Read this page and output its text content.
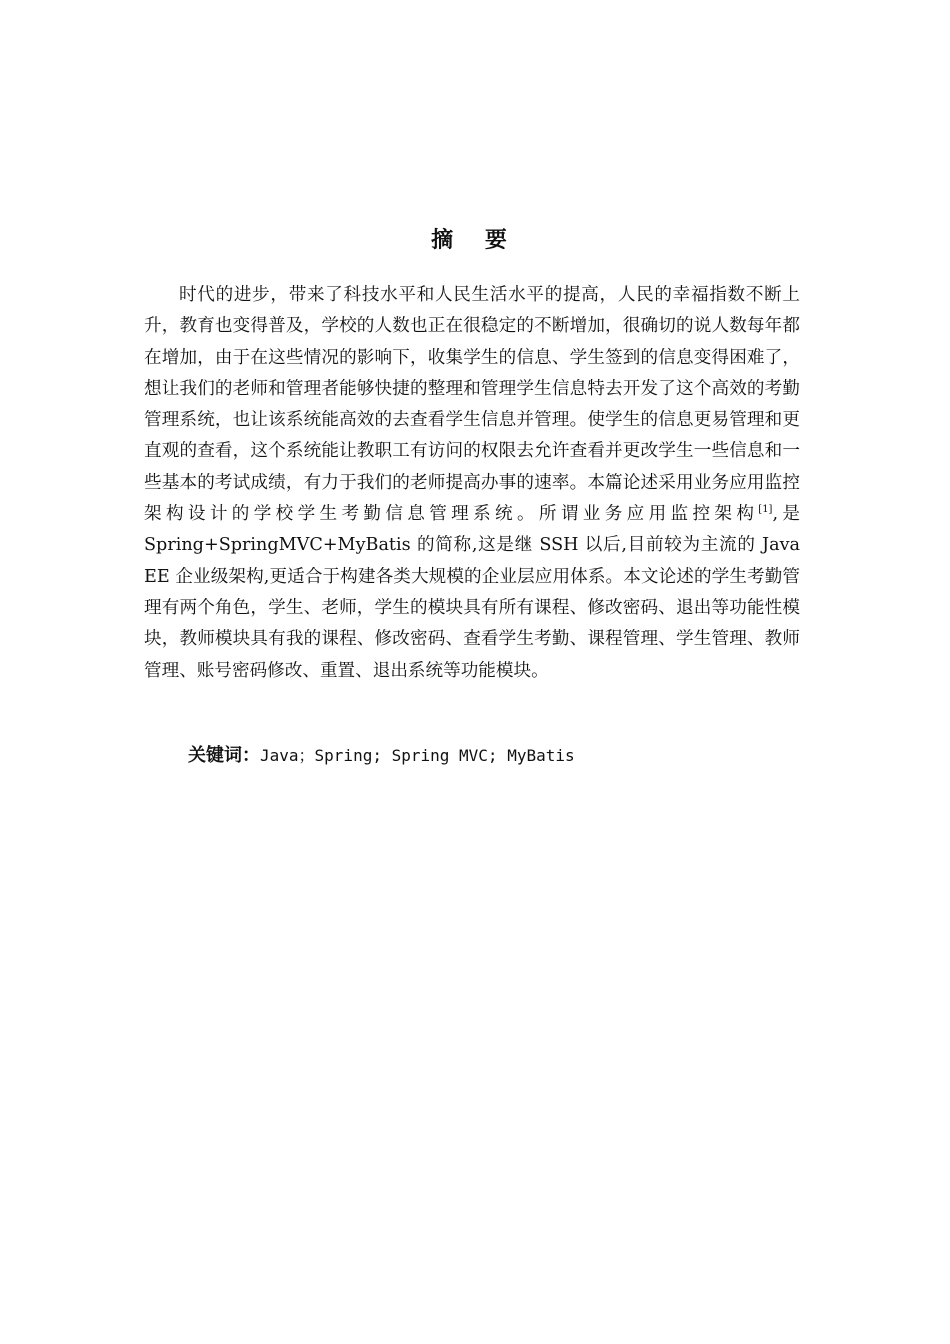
摘 要

时代的进步，带来了科技水平和人民生活水平的提高，人民的幸福指数不断上升，教育也变得普及，学校的人数也正在很稳定的不断增加，很确切的说人数每年都在增加，由于在这些情况的影响下，收集学生的信息、学生签到的信息变得困难了，想让我们的老师和管理者能够快捷的整理和管理学生信息特去开发了这个高效的考勤管理系统，也让该系统能高效的去查看学生信息并管理。使学生的信息更易管理和更直观的查看，这个系统能让教职工有访问的权限去允许查看并更改学生一些信息和一些基本的考试成绩，有力于我们的老师提高办事的速率。本篇论述采用业务应用监控架构设计的学校学生考勤信息管理系统。所谓业务应用监控架构[1],是 Spring+SpringMVC+MyBatis 的简称,这是继 SSH 以后,目前较为主流的 Java EE 企业级架构,更适合于构建各类大规模的企业层应用体系。本文论述的学生考勤管理有两个角色，学生、老师，学生的模块具有所有课程、修改密码、退出等功能性模块，教师模块具有我的课程、修改密码、查看学生考勤、课程管理、学生管理、教师管理、账号密码修改、重置、退出系统等功能模块。

关键词：Java；Spring; Spring MVC; MyBatis
